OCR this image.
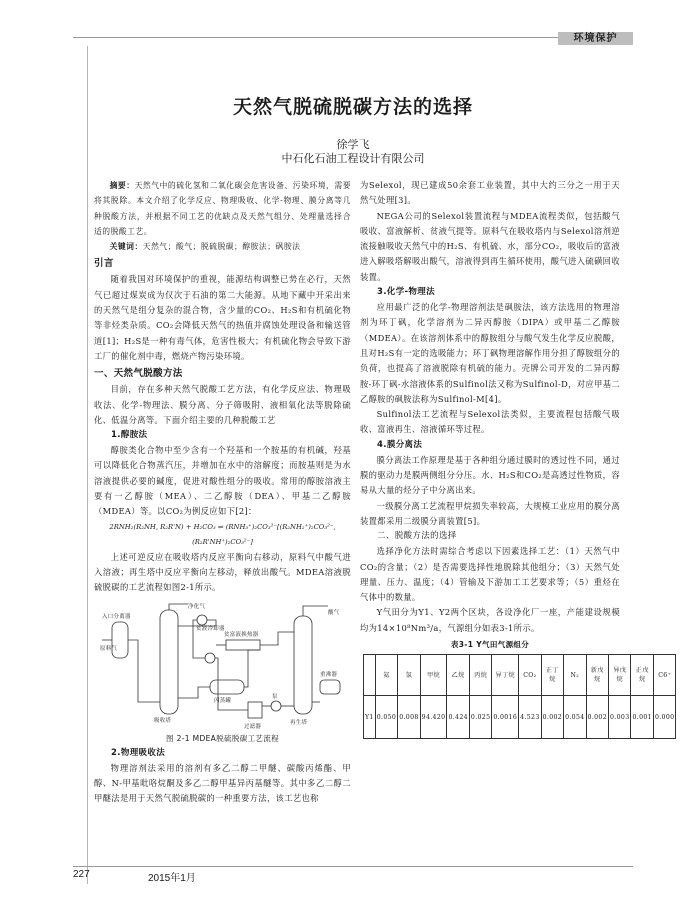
环境保护
天然气脱硫脱碳方法的选择
徐学飞
中石化石油工程设计有限公司

摘要：天然气中的硫化氢和二氧化碳会危害设备、污染环境，需要将其脱除。本文介绍了化学反应、物理吸收、化学-物理、膜分离等几种脱酸方法，并根据不同工艺的优缺点及天然气组分、处理量选择合适的脱酸工艺。

关键词：天然气；酸气；脱硫脱碳；醇胺法；砜胺法

引言

随着我国对环境保护的重视，能源结构调整已势在必行，天然气已超过煤炭成为仅次于石油的第二大能源。从地下藏中开采出来的天然气是组分复杂的混合物，含少量的CO₂、H₂S和有机硫化物等非烃类杂质。CO₂会降低天然气的热值并腐蚀处理设备和输送管道[1]；H₂S是一种有毒气体，危害性极大；有机硫化物会导致下游工厂的催化剂中毒，燃烧产物污染环境。

一、天然气脱酸方法

目前，存在多种天然气脱酸工艺方法，有化学反应法、物理吸收法、化学-物理法、膜分离、分子筛吸附、液相氧化法等脱除硫化、低温分离等。下面介绍主要的几种脱酸工艺

1.醇胺法

醇胺类化合物中至少含有一个羟基和一个胺基的有机碱，羟基可以降低化合物蒸汽压，并增加在水中的溶解度；而胺基则是为水溶液提供必要的碱度，促进对酸性组分的吸收。常用的醇胺溶液主要有一乙醇胺（MEA）、二乙醇胺（DEA）、甲基二乙醇胺（MDEA）等。以CO₂为例反应如下[2]：

2RNH₂(R₂NH, R₂R'N) + H₂CO₃ ⇌ (RNH₃⁺)₂CO₃²⁻[(R₂NH₂⁺)₂CO₃²⁻, (R₂R'NH⁺)₂CO₃²⁻]

上述可逆反应在吸收塔内反应平衡向右移动，原料气中酸气进入溶液；再生塔中反应平衡向左移动，释放出酸气。MDEA溶液脱硫脱碳的工艺流程如图2-1所示。

入口分离器
原料气
净化气
吸收塔
闪蒸罐
贫富液换热器
再生塔
酸气
重沸器
过滤器
泵
贫液冷却器
图 2-1 MDEA脱硫脱碳工艺流程
2.物理吸收法

物理溶剂法采用的溶剂有多乙二醇二甲醚、碳酸丙烯酯、甲醇、N-甲基吡咯烷酮及多乙二醇甲基异丙基醚等。其中多乙二醇二甲醚法是用于天然气脱硫脱碳的一种重要方法，该工艺也称

为Selexol，现已建成50余套工业装置，其中大约三分之一用于天然气处理[3]。

NEGA公司的Selexol装置流程与MDEA流程类似，包括酸气吸收、富液解析、贫液气提等。原料气在吸收塔内与Selexol溶剂逆流接触吸收天然气中的H₂S、有机硫、水，部分CO₂，吸收后的富液进入解吸塔解吸出酸气，溶液得到再生循环使用，酸气进入硫磺回收装置。

3.化学-物理法

应用最广泛的化学-物理溶剂法是砜胺法，该方法选用的物理溶剂为环丁砜，化学溶剂为二异丙醇胺（DIPA）或甲基二乙醇胺（MDEA）。在该溶剂体系中的醇胺组分与酸气发生化学反应脱酸，且对H₂S有一定的选吸能力；环丁砜物理溶解作用分担了醇胺组分的负荷，也提高了溶液脱除有机硫的能力。壳牌公司开发的二异丙醇胺-环丁砜-水溶液体系的Sulfinol法又称为Sulfinol-D，对应甲基二乙醇胺的砜胺法称为Sulfinol-M[4]。

Sulfinol法工艺流程与Selexol法类似，主要流程包括酸气吸收、富液再生、溶液循环等过程。

4.膜分离法

膜分离法工作原理是基于各种组分通过膜时的透过性不同，通过膜的驱动力是膜两侧组分分压。水、H₂S和CO₂是高透过性物质，容易从大量的烃分子中分离出来。

一级膜分离工艺流程甲烷损失率较高，大规模工业应用的膜分离装置都采用二级膜分离装置[5]。

二、脱酸方法的选择

选择净化方法时需综合考虑以下因素选择工艺：（1）天然气中CO₂的含量；（2）是否需要选择性地脱除其他组分；（3）天然气处理量、压力、温度；（4）管输及下游加工工艺要求等；（5）重烃在气体中的数量。

Y气田分为Y1、Y2两个区块，各设净化厂一座，产能建设规模均为14×10⁸Nm³/a，气源组分如表3-1所示。

表3-1 Y气田气源组分
	氦	氢	甲烷	乙烷	丙烷	异丁烷	CO₂	正丁烷	N₂	新戊烷	异戊烷	正戊烷	C6⁺
Y1	0.050	0.008	94.420	0.424	0.025	0.0016	4.523	0.002	0.054	0.002	0.003	0.001	0.000
227	2015年1月
